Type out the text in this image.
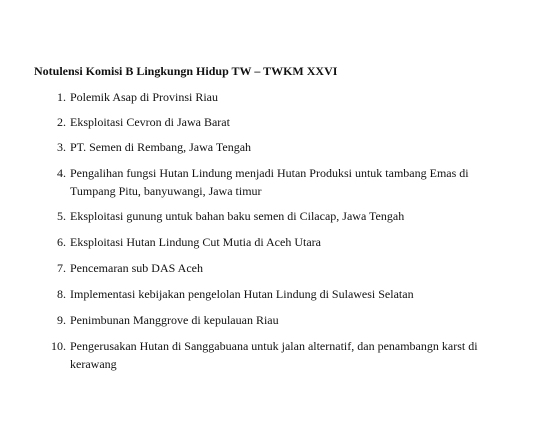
Notulensi Komisi B Lingkungn Hidup TW – TWKM XXVI
1. Polemik Asap di Provinsi Riau
2. Eksploitasi Cevron di Jawa Barat
3. PT. Semen di Rembang, Jawa Tengah
4. Pengalihan fungsi Hutan Lindung menjadi Hutan Produksi untuk tambang Emas di Tumpang Pitu, banyuwangi, Jawa timur
5. Eksploitasi gunung untuk bahan baku semen di Cilacap, Jawa Tengah
6. Eksploitasi Hutan Lindung Cut Mutia di Aceh Utara
7. Pencemaran sub DAS Aceh
8. Implementasi kebijakan pengelolan Hutan Lindung di Sulawesi Selatan
9. Penimbunan Manggrove di kepulauan Riau
10. Pengerusakan Hutan di Sanggabuana untuk jalan alternatif, dan penambangn karst di kerawang
